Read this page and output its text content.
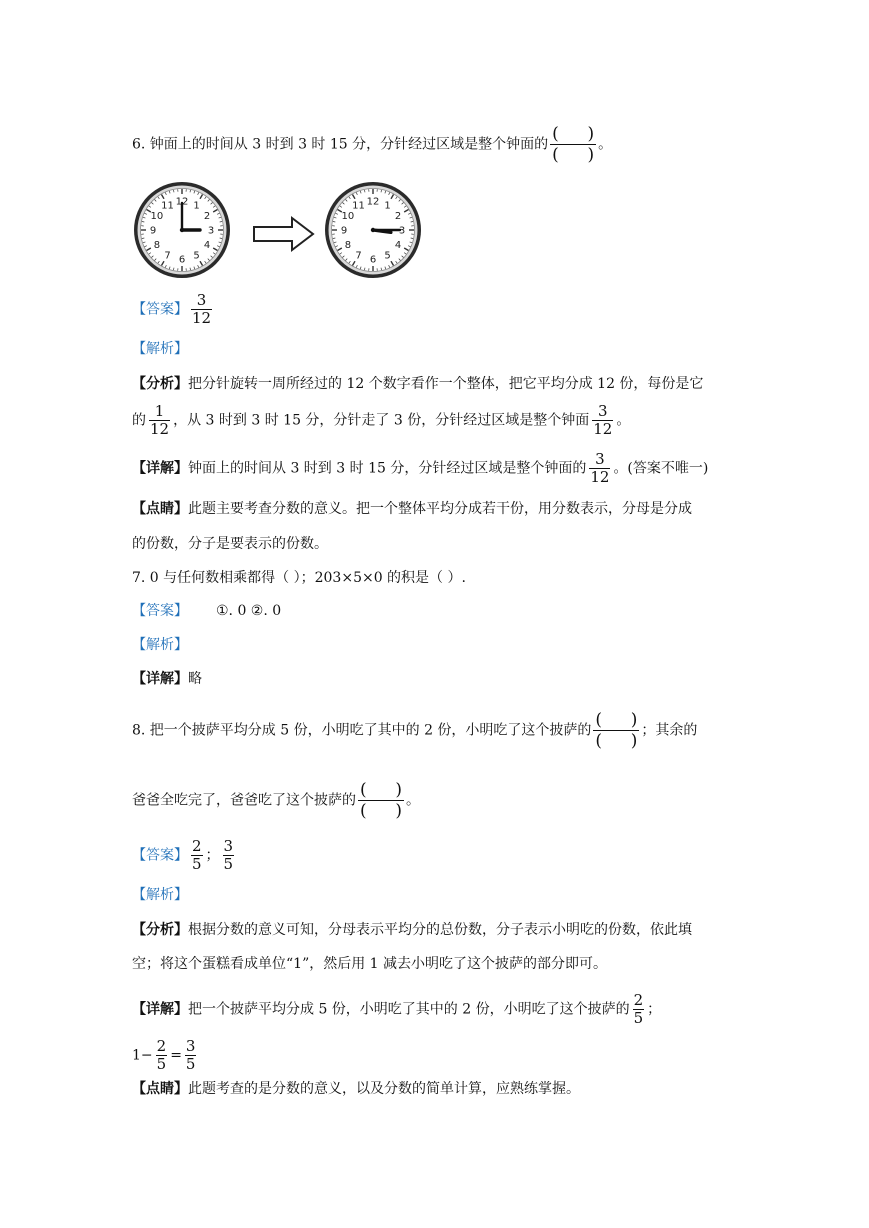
6. 钟面上的时间从 3 时到 3 时 15 分，分针经过区域是整个钟面的
( )
( )
。
12 1
2
3
4
5
6
7
8
9
10
11	12 1
2
3
4
5
6
7
8
9
10
11
【答案】 $\frac{3}{12}$
【解析】
【分析】把分针旋转一周所经过的 12 个数字看作一个整体，把它平均分成 12 份，每份是它
的 $\frac{1}{12}$ ，从 3 时到 3 时 15 分，分针走了 3 份，分针经过区域是整个钟面 $\frac{3}{12}$ 。
【详解】钟面上的时间从 3 时到 3 时 15 分，分针经过区域是整个钟面的 $\frac{3}{12}$ 。(答案不唯一)
【点睛】此题主要考查分数的意义。把一个整体平均分成若干份，用分数表示，分母是分成
的份数，分子是要表示的份数。
7. 0 与任何数相乘都得（ ）；203×5×0 的积是（ ）.
【答案】 ①. 0 ②. 0
【解析】
【详解】略
8. 把一个披萨平均分成 5 份，小明吃了其中的 2 份，小明吃了这个披萨的
( )
( )
；其余的
爸爸全吃完了，爸爸吃了这个披萨的
( )
( )
。
【答案】 $\frac{2}{5}$ ； $\frac{3}{5}$
【解析】
【分析】根据分数的意义可知，分母表示平均分的总份数，分子表示小明吃的份数，依此填
空；将这个蛋糕看成单位“1”，然后用 1 减去小明吃了这个披萨的部分即可。
【详解】把一个披萨平均分成 5 份，小明吃了其中的 2 份，小明吃了这个披萨的 $\frac{2}{5}$ ；
$1- \frac{2}{5} = \frac{3}{5}$
【点睛】此题考查的是分数的意义，以及分数的简单计算，应熟练掌握。
